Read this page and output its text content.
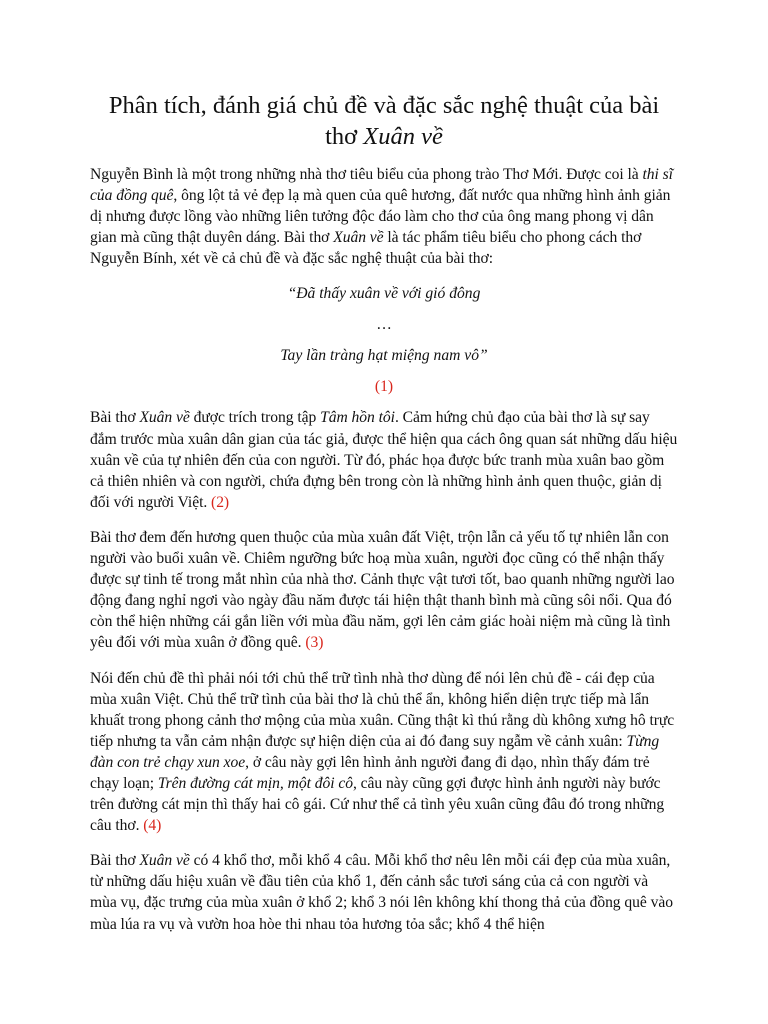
Phân tích, đánh giá chủ đề và đặc sắc nghệ thuật của bài thơ Xuân về

Nguyễn Bình là một trong những nhà thơ tiêu biểu của phong trào Thơ Mới. Được coi là thi sĩ của đồng quê, ông lột tả vẻ đẹp lạ mà quen của quê hương, đất nước qua những hình ảnh giản dị nhưng được lồng vào những liên tưởng độc đáo làm cho thơ của ông mang phong vị dân gian mà cũng thật duyên dáng. Bài thơ Xuân về là tác phẩm tiêu biểu cho phong cách thơ Nguyễn Bính, xét về cả chủ đề và đặc sắc nghệ thuật của bài thơ:

“Đã thấy xuân về với gió đông

…

Tay lần tràng hạt miệng nam vô”

(1)

Bài thơ Xuân về được trích trong tập Tâm hồn tôi. Cảm hứng chủ đạo của bài thơ là sự say đắm trước mùa xuân dân gian của tác giả, được thể hiện qua cách ông quan sát những dấu hiệu xuân về của tự nhiên đến của con người. Từ đó, phác họa được bức tranh mùa xuân bao gồm cả thiên nhiên và con người, chứa đựng bên trong còn là những hình ảnh quen thuộc, giản dị đối với người Việt. (2)

Bài thơ đem đến hương quen thuộc của mùa xuân đất Việt, trộn lẫn cả yếu tố tự nhiên lẫn con người vào buổi xuân về. Chiêm ngưỡng bức hoạ mùa xuân, người đọc cũng có thể nhận thấy được sự tinh tế trong mắt nhìn của nhà thơ. Cảnh thực vật tươi tốt, bao quanh những người lao động đang nghỉ ngơi vào ngày đầu năm được tái hiện thật thanh bình mà cũng sôi nổi. Qua đó còn thể hiện những cái gắn liền với mùa đầu năm, gợi lên cảm giác hoài niệm mà cũng là tình yêu đối với mùa xuân ở đồng quê. (3)

Nói đến chủ đề thì phải nói tới chủ thể trữ tình nhà thơ dùng để nói lên chủ đề - cái đẹp của mùa xuân Việt. Chủ thể trữ tình của bài thơ là chủ thể ẩn, không hiển diện trực tiếp mà lẩn khuất trong phong cảnh thơ mộng của mùa xuân. Cũng thật kì thú rằng dù không xưng hô trực tiếp nhưng ta vẫn cảm nhận được sự hiện diện của ai đó đang suy ngẫm về cảnh xuân: Từng đàn con trẻ chạy xun xoe, ở câu này gợi lên hình ảnh người đang đi dạo, nhìn thấy đám trẻ chạy loạn; Trên đường cát mịn, một đôi cô, câu này cũng gợi được hình ảnh người này bước trên đường cát mịn thì thấy hai cô gái. Cứ như thể cả tình yêu xuân cũng đâu đó trong những câu thơ. (4)

Bài thơ Xuân về có 4 khổ thơ, mỗi khổ 4 câu. Mỗi khổ thơ nêu lên mỗi cái đẹp của mùa xuân, từ những dấu hiệu xuân về đầu tiên của khổ 1, đến cảnh sắc tươi sáng của cả con người và mùa vụ, đặc trưng của mùa xuân ở khổ 2; khổ 3 nói lên không khí thong thả của đồng quê vào mùa lúa ra vụ và vườn hoa hòe thi nhau tỏa hương tỏa sắc; khổ 4 thể hiện
